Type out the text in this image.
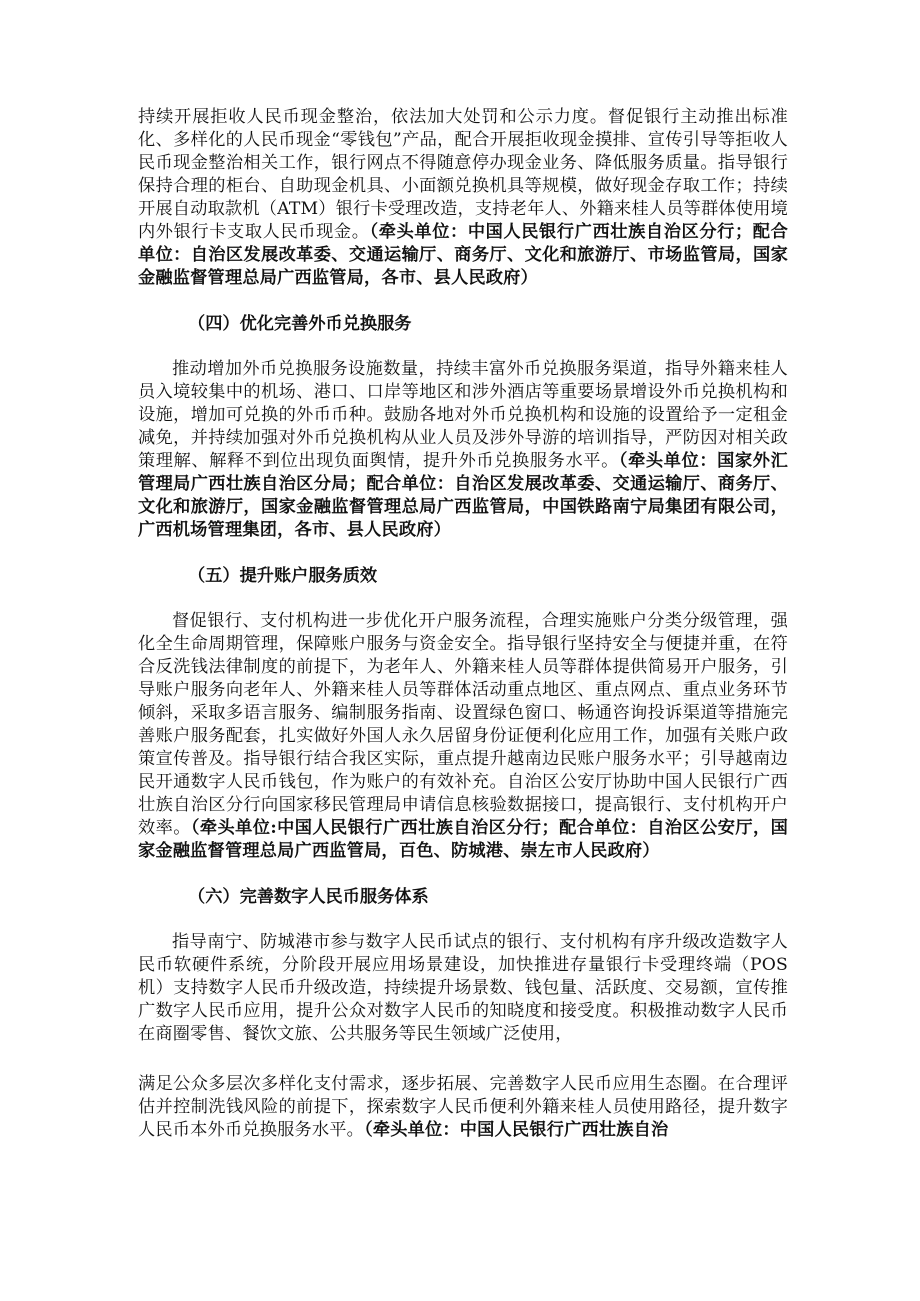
持续开展拒收人民币现金整治，依法加大处罚和公示力度。督促银行主动推出标准化、多样化的人民币现金“零钱包”产品，配合开展拒收现金摸排、宣传引导等拒收人民币现金整治相关工作，银行网点不得随意停办现金业务、降低服务质量。指导银行保持合理的柜台、自助现金机具、小面额兑换机具等规模，做好现金存取工作；持续开展自动取款机（ATM）银行卡受理改造，支持老年人、外籍来桂人员等群体使用境内外银行卡支取人民币现金。（牵头单位：中国人民银行广西壮族自治区分行；配合单位：自治区发展改革委、交通运输厅、商务厅、文化和旅游厅、市场监管局，国家金融监督管理总局广西监管局，各市、县人民政府）

（四）优化完善外币兑换服务

推动增加外币兑换服务设施数量，持续丰富外币兑换服务渠道，指导外籍来桂人员入境较集中的机场、港口、口岸等地区和涉外酒店等重要场景增设外币兑换机构和设施，增加可兑换的外币币种。鼓励各地对外币兑换机构和设施的设置给予一定租金减免，并持续加强对外币兑换机构从业人员及涉外导游的培训指导，严防因对相关政策理解、解释不到位出现负面舆情，提升外币兑换服务水平。（牵头单位：国家外汇管理局广西壮族自治区分局；配合单位：自治区发展改革委、交通运输厅、商务厅、文化和旅游厅，国家金融监督管理总局广西监管局，中国铁路南宁局集团有限公司，广西机场管理集团，各市、县人民政府）

（五）提升账户服务质效

督促银行、支付机构进一步优化开户服务流程，合理实施账户分类分级管理，强化全生命周期管理，保障账户服务与资金安全。指导银行坚持安全与便捷并重，在符合反洗钱法律制度的前提下，为老年人、外籍来桂人员等群体提供简易开户服务，引导账户服务向老年人、外籍来桂人员等群体活动重点地区、重点网点、重点业务环节倾斜，采取多语言服务、编制服务指南、设置绿色窗口、畅通咨询投诉渠道等措施完善账户服务配套，扎实做好外国人永久居留身份证便利化应用工作，加强有关账户政策宣传普及。指导银行结合我区实际，重点提升越南边民账户服务水平；引导越南边民开通数字人民币钱包，作为账户的有效补充。自治区公安厅协助中国人民银行广西壮族自治区分行向国家移民管理局申请信息核验数据接口，提高银行、支付机构开户效率。（牵头单位:中国人民银行广西壮族自治区分行；配合单位：自治区公安厅，国家金融监督管理总局广西监管局，百色、防城港、崇左市人民政府）

（六）完善数字人民币服务体系

指导南宁、防城港市参与数字人民币试点的银行、支付机构有序升级改造数字人民币软硬件系统，分阶段开展应用场景建设，加快推进存量银行卡受理终端（POS机）支持数字人民币升级改造，持续提升场景数、钱包量、活跃度、交易额，宣传推广数字人民币应用，提升公众对数字人民币的知晓度和接受度。积极推动数字人民币在商圈零售、餐饮文旅、公共服务等民生领域广泛使用，

满足公众多层次多样化支付需求，逐步拓展、完善数字人民币应用生态圈。在合理评估并控制洗钱风险的前提下，探索数字人民币便利外籍来桂人员使用路径，提升数字人民币本外币兑换服务水平。（牵头单位：中国人民银行广西壮族自治
